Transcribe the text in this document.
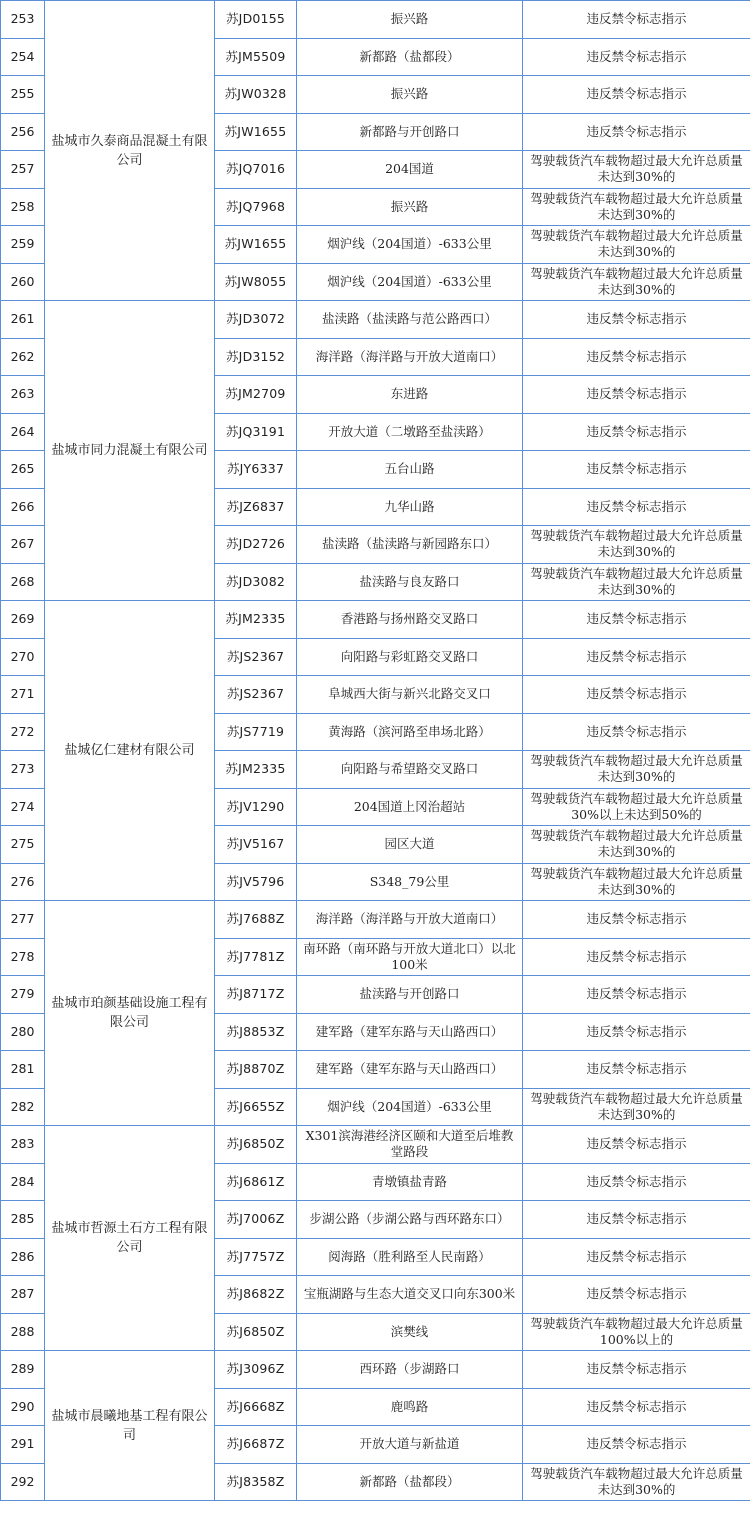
253	盐城市久泰商品混凝土有限公司	苏JD0155	振兴路	违反禁令标志指示
254		苏JM5509	新都路（盐都段）	违反禁令标志指示
255		苏JW0328	振兴路	违反禁令标志指示
256		苏JW1655	新都路与开创路口	违反禁令标志指示
257		苏JQ7016	204国道	驾驶载货汽车载物超过最大允许总质量未达到30%的
258		苏JQ7968	振兴路	驾驶载货汽车载物超过最大允许总质量未达到30%的
259		苏JW1655	烟沪线（204国道）-633公里	驾驶载货汽车载物超过最大允许总质量未达到30%的
260		苏JW8055	烟沪线（204国道）-633公里	驾驶载货汽车载物超过最大允许总质量未达到30%的
261	盐城市同力混凝土有限公司	苏JD3072	盐渎路（盐渎路与范公路西口）	违反禁令标志指示
262		苏JD3152	海洋路（海洋路与开放大道南口）	违反禁令标志指示
263		苏JM2709	东进路	违反禁令标志指示
264		苏JQ3191	开放大道（二墩路至盐渎路）	违反禁令标志指示
265		苏JY6337	五台山路	违反禁令标志指示
266		苏JZ6837	九华山路	违反禁令标志指示
267		苏JD2726	盐渎路（盐渎路与新园路东口）	驾驶载货汽车载物超过最大允许总质量未达到30%的
268		苏JD3082	盐渎路与良友路口	驾驶载货汽车载物超过最大允许总质量未达到30%的
269	盐城亿仁建材有限公司	苏JM2335	香港路与扬州路交叉路口	违反禁令标志指示
270		苏JS2367	向阳路与彩虹路交叉路口	违反禁令标志指示
271		苏JS2367	阜城西大街与新兴北路交叉口	违反禁令标志指示
272		苏JS7719	黄海路（滨河路至串场北路）	违反禁令标志指示
273		苏JM2335	向阳路与希望路交叉路口	驾驶载货汽车载物超过最大允许总质量未达到30%的
274		苏JV1290	204国道上冈治超站	驾驶载货汽车载物超过最大允许总质量30%以上未达到50%的
275		苏JV5167	园区大道	驾驶载货汽车载物超过最大允许总质量未达到30%的
276		苏JV5796	S348_79公里	驾驶载货汽车载物超过最大允许总质量未达到30%的
277	盐城市珀颜基础设施工程有限公司	苏J7688Z	海洋路（海洋路与开放大道南口）	违反禁令标志指示
278		苏J7781Z	南环路（南环路与开放大道北口）以北100米	违反禁令标志指示
279		苏J8717Z	盐渎路与开创路口	违反禁令标志指示
280		苏J8853Z	建军路（建军东路与天山路西口）	违反禁令标志指示
281		苏J8870Z	建军路（建军东路与天山路西口）	违反禁令标志指示
282		苏J6655Z	烟沪线（204国道）-633公里	驾驶载货汽车载物超过最大允许总质量未达到30%的
283	盐城市哲源土石方工程有限公司	苏J6850Z	X301滨海港经济区颐和大道至后堆教堂路段	违反禁令标志指示
284		苏J6861Z	青墩镇盐青路	违反禁令标志指示
285		苏J7006Z	步湖公路（步湖公路与西环路东口）	违反禁令标志指示
286		苏J7757Z	阅海路（胜利路至人民南路）	违反禁令标志指示
287		苏J8682Z	宝瓶湖路与生态大道交叉口向东300米	违反禁令标志指示
288		苏J6850Z	滨樊线	驾驶载货汽车载物超过最大允许总质量100%以上的
289	盐城市晨曦地基工程有限公司	苏J3096Z	西环路（步湖路口	违反禁令标志指示
290		苏J6668Z	鹿鸣路	违反禁令标志指示
291		苏J6687Z	开放大道与新盐道	违反禁令标志指示
292		苏J8358Z	新都路（盐都段）	驾驶载货汽车载物超过最大允许总质量未达到30%的
